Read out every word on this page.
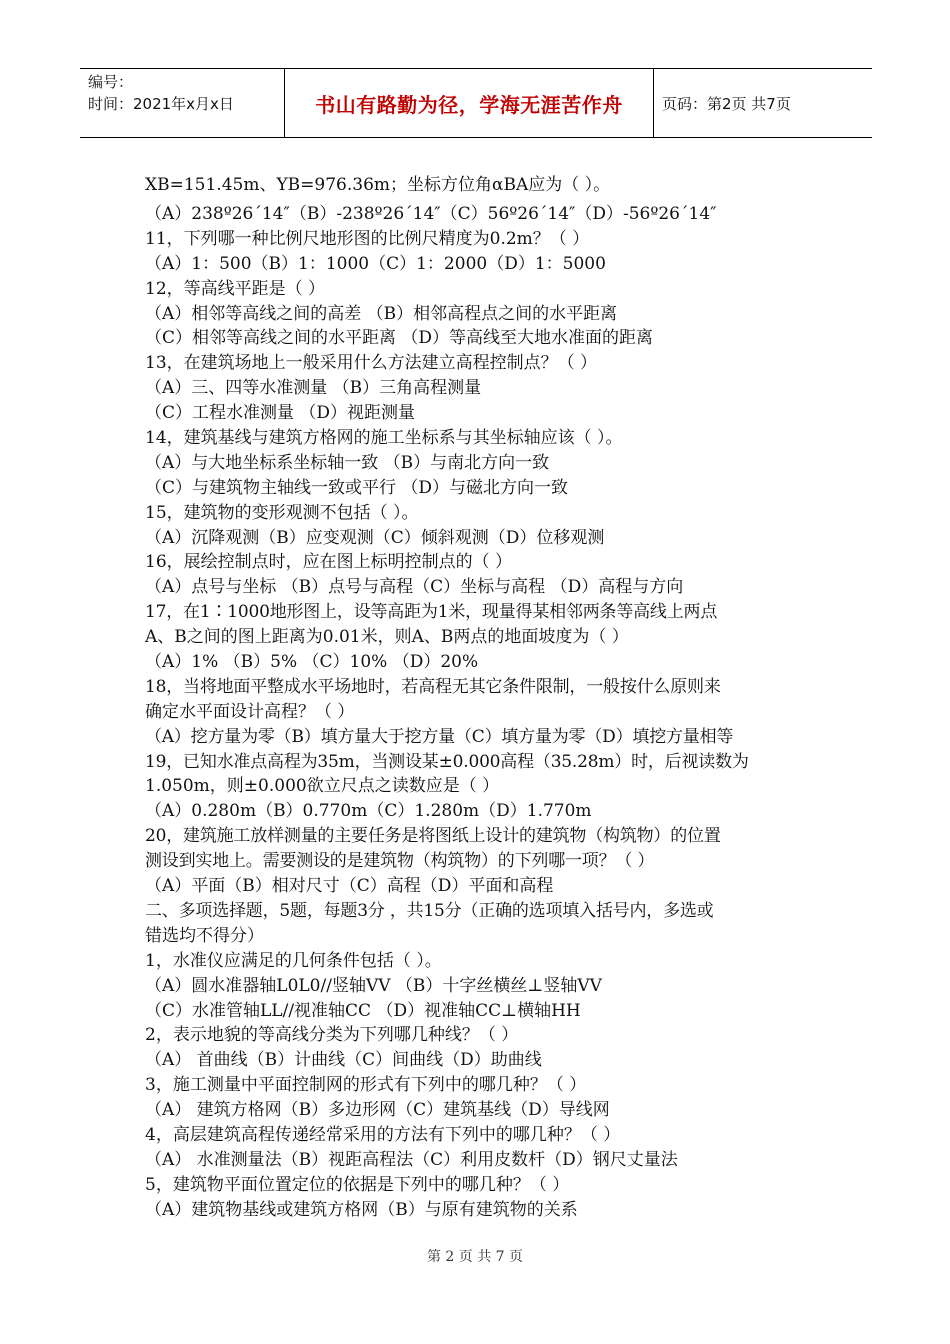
编号：
时间：2021年x月x日	书山有路勤为径，学海无涯苦作舟	页码：第2页 共7页
XB=151.45m、YB=976.36m；坐标方位角αBA应为（ ）。
（A）238º26΄14″（B）-238º26΄14″（C）56º26΄14″（D）-56º26΄14″
11，下列哪一种比例尺地形图的比例尺精度为0.2m？（ ）
（A）1：500（B）1：1000（C）1：2000（D）1：5000
12，等高线平距是（ ）
（A）相邻等高线之间的高差 （B）相邻高程点之间的水平距离
（C）相邻等高线之间的水平距离 （D）等高线至大地水准面的距离
13，在建筑场地上一般采用什么方法建立高程控制点？（ ）
（A）三、四等水准测量 （B）三角高程测量
（C）工程水准测量 （D）视距测量
14，建筑基线与建筑方格网的施工坐标系与其坐标轴应该（ ）。
（A）与大地坐标系坐标轴一致 （B）与南北方向一致
（C）与建筑物主轴线一致或平行 （D）与磁北方向一致
15，建筑物的变形观测不包括（ ）。
（A）沉降观测（B）应变观测（C）倾斜观测（D）位移观测
16，展绘控制点时，应在图上标明控制点的（ ）
（A）点号与坐标 （B）点号与高程（C）坐标与高程 （D）高程与方向
17，在1∶1000地形图上，设等高距为1米，现量得某相邻两条等高线上两点
A、B之间的图上距离为0.01米，则A、B两点的地面坡度为（ ）
（A）1% （B）5% （C）10% （D）20%
18，当将地面平整成水平场地时，若高程无其它条件限制，一般按什么原则来
确定水平面设计高程？（ ）
（A）挖方量为零（B）填方量大于挖方量（C）填方量为零（D）填挖方量相等
19，已知水准点高程为35m，当测设某±0.000高程（35.28m）时，后视读数为
1.050m，则±0.000欲立尺点之读数应是（ ）
（A）0.280m（B）0.770m（C）1.280m（D）1.770m
20，建筑施工放样测量的主要任务是将图纸上设计的建筑物（构筑物）的位置
测设到实地上。需要测设的是建筑物（构筑物）的下列哪一项？（ ）
（A）平面（B）相对尺寸（C）高程（D）平面和高程
二、多项选择题，5题，每题3分 ，共15分（正确的选项填入括号内，多选或
错选均不得分）
1，水准仪应满足的几何条件包括（ ）。
（A）圆水准器轴L0L0//竖轴VV （B）十字丝横丝⊥竖轴VV
（C）水准管轴LL//视准轴CC （D）视准轴CC⊥横轴HH
2，表示地貌的等高线分类为下列哪几种线？（ ）
（A） 首曲线（B）计曲线（C）间曲线（D）助曲线
3，施工测量中平面控制网的形式有下列中的哪几种？（ ）
（A） 建筑方格网（B）多边形网（C）建筑基线（D）导线网
4，高层建筑高程传递经常采用的方法有下列中的哪几种？（ ）
（A） 水准测量法（B）视距高程法（C）利用皮数杆（D）钢尺丈量法
5，建筑物平面位置定位的依据是下列中的哪几种？（ ）
（A）建筑物基线或建筑方格网（B）与原有建筑物的关系
第 2 页 共 7 页
